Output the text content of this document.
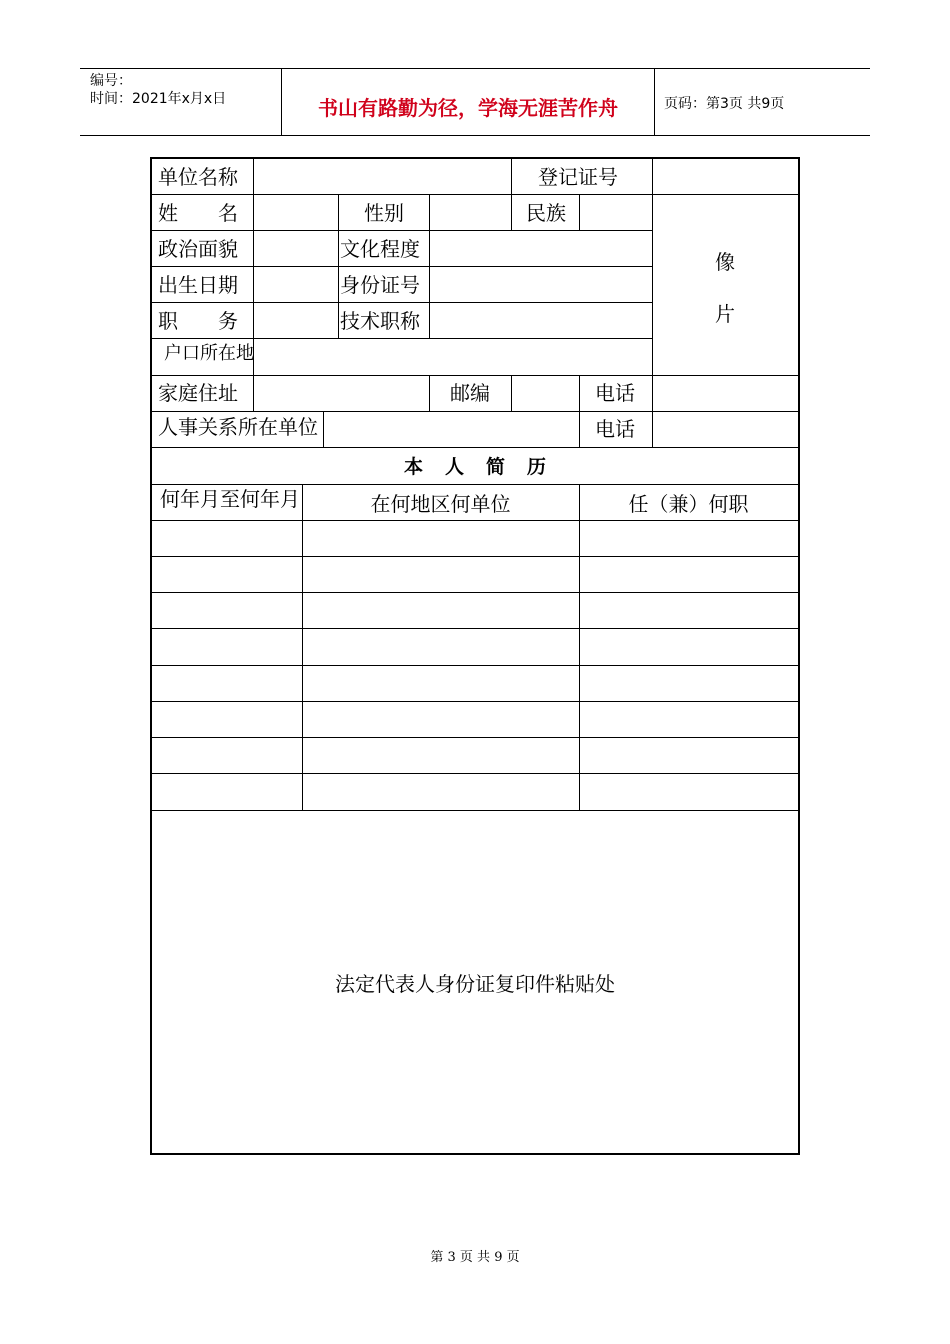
编号：
时间：2021年x月x日	书山有路勤为径，学海无涯苦作舟	页码：第3页 共9页
单位名称	登记证号
姓　　名	性别	民族
像
片
政治面貌	文化程度
出生日期	身份证号
职　　务	技术职称
户口所在地
家庭住址	邮编	电话
人事关系所在单位	电话
本人简历
何年月至何年月	在何地区何单位	任（兼）何职
法定代表人身份证复印件粘贴处
第 3 页 共 9 页
